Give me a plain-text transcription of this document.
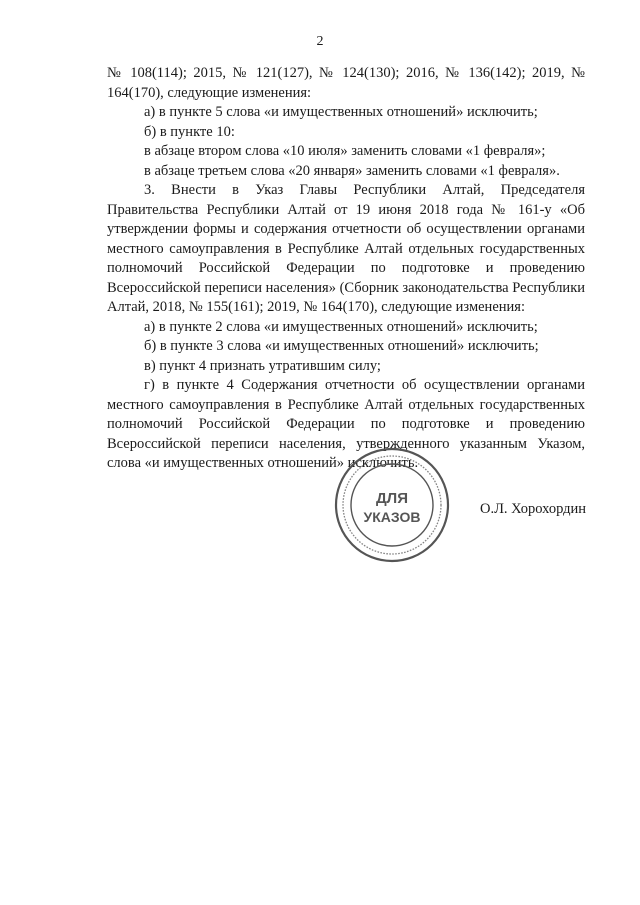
2

№ 108(114); 2015, № 121(127), № 124(130); 2016, № 136(142); 2019, № 164(170), следующие изменения:

а) в пункте 5 слова «и имущественных отношений» исключить;

б) в пункте 10:

в абзаце втором слова «10 июля» заменить словами «1 февраля»;

в абзаце третьем слова «20 января» заменить словами «1 февраля».

3. Внести в Указ Главы Республики Алтай, Председателя Правительства Республики Алтай от 19 июня 2018 года № 161-у «Об утверждении формы и содержания отчетности об осуществлении органами местного самоуправления в Республике Алтай отдельных государственных полномочий Российской Федерации по подготовке и проведению Всероссийской переписи населения» (Сборник законодательства Республики Алтай, 2018, № 155(161); 2019, № 164(170), следующие изменения:

а) в пункте 2 слова «и имущественных отношений» исключить;

б) в пункте 3 слова «и имущественных отношений» исключить;

в) пункт 4 признать утратившим силу;

г) в пункте 4 Содержания отчетности об осуществлении органами местного самоуправления в Республике Алтай отдельных государственных полномочий Российской Федерации по подготовке и проведению Всероссийской переписи населения, утвержденного указанным Указом, слова «и имущественных отношений» исключить.

ДЛЯ
УКАЗОВ	О.Л. Хорохордин
